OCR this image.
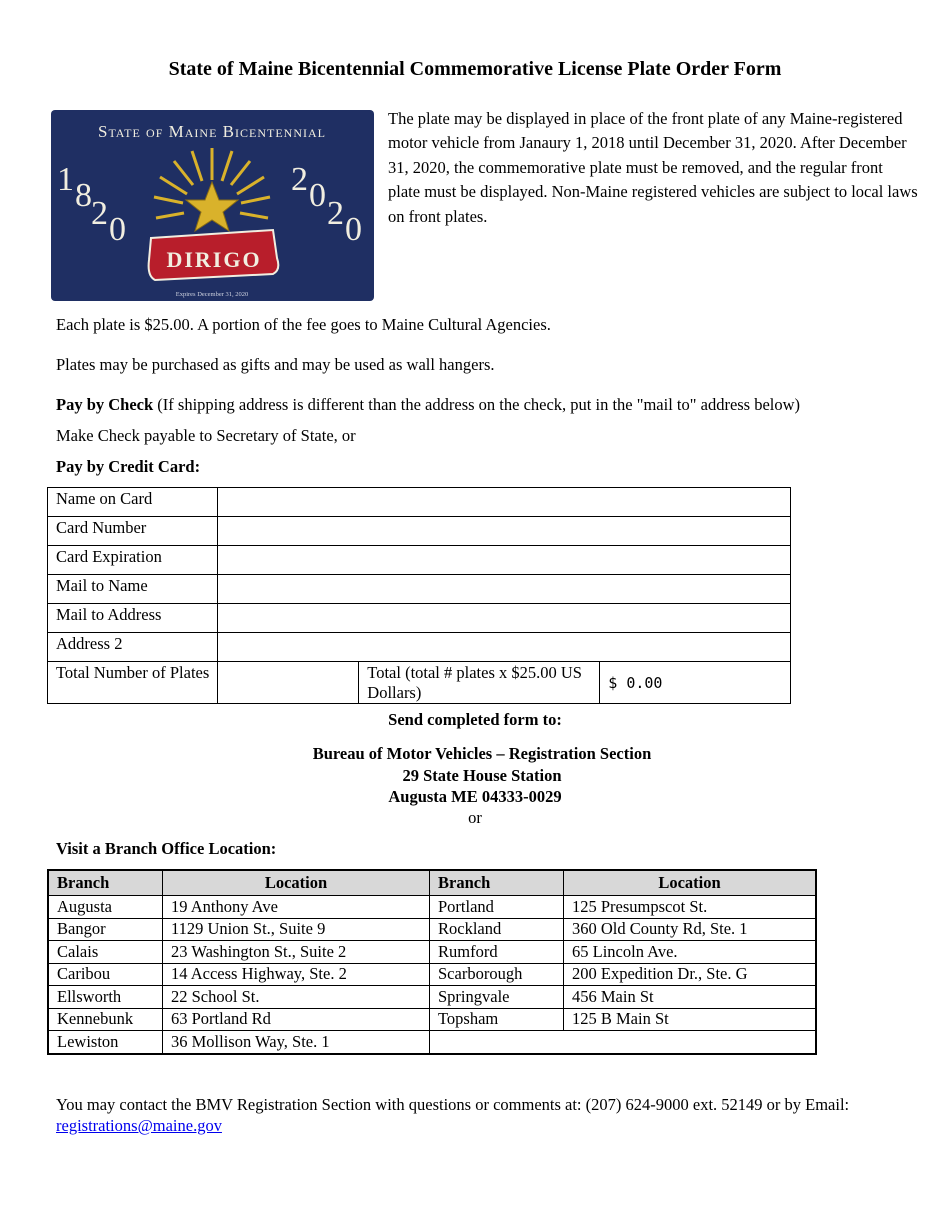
State of Maine Bicentennial Commemorative License Plate Order Form
State of Maine Bicentennial
1 8 2 0
2 0 2 0
DIRIGO
Expires December 31, 2020
The plate may be displayed in place of the front plate of any Maine-registered motor vehicle from Janaury 1, 2018 until December 31, 2020. After December 31, 2020, the commemorative plate must be removed, and the regular front plate must be displayed. Non-Maine registered vehicles are subject to local laws on front plates.
Each plate is $25.00. A portion of the fee goes to Maine Cultural Agencies.
Plates may be purchased as gifts and may be used as wall hangers.
Pay by Check (If shipping address is different than the address on the check, put in the "mail to" address below)
Make Check payable to Secretary of State, or
Pay by Credit Card:
Name on Card			
Card Number			
Card Expiration			
Mail to Name			
Mail to Address			
Address 2			
Total Number of Plates		Total (total # plates x $25.00 US Dollars)	$ 0.00
Send completed form to:
Bureau of Motor Vehicles – Registration Section
29 State House Station
Augusta ME 04333-0029
or
Visit a Branch Office Location:
Branch	Location	Branch	Location
Augusta	19 Anthony Ave	Portland	125 Presumpscot St.
Bangor	1129 Union St., Suite 9	Rockland	360 Old County Rd, Ste. 1
Calais	23 Washington St., Suite 2	Rumford	65 Lincoln Ave.
Caribou	14 Access Highway, Ste. 2	Scarborough	200 Expedition Dr., Ste. G
Ellsworth	22 School St.	Springvale	456 Main St
Kennebunk	63 Portland Rd	Topsham	125 B Main St
Lewiston	36 Mollison Way, Ste. 1		
You may contact the BMV Registration Section with questions or comments at: (207) 624-9000 ext. 52149 or by Email: registrations@maine.gov
